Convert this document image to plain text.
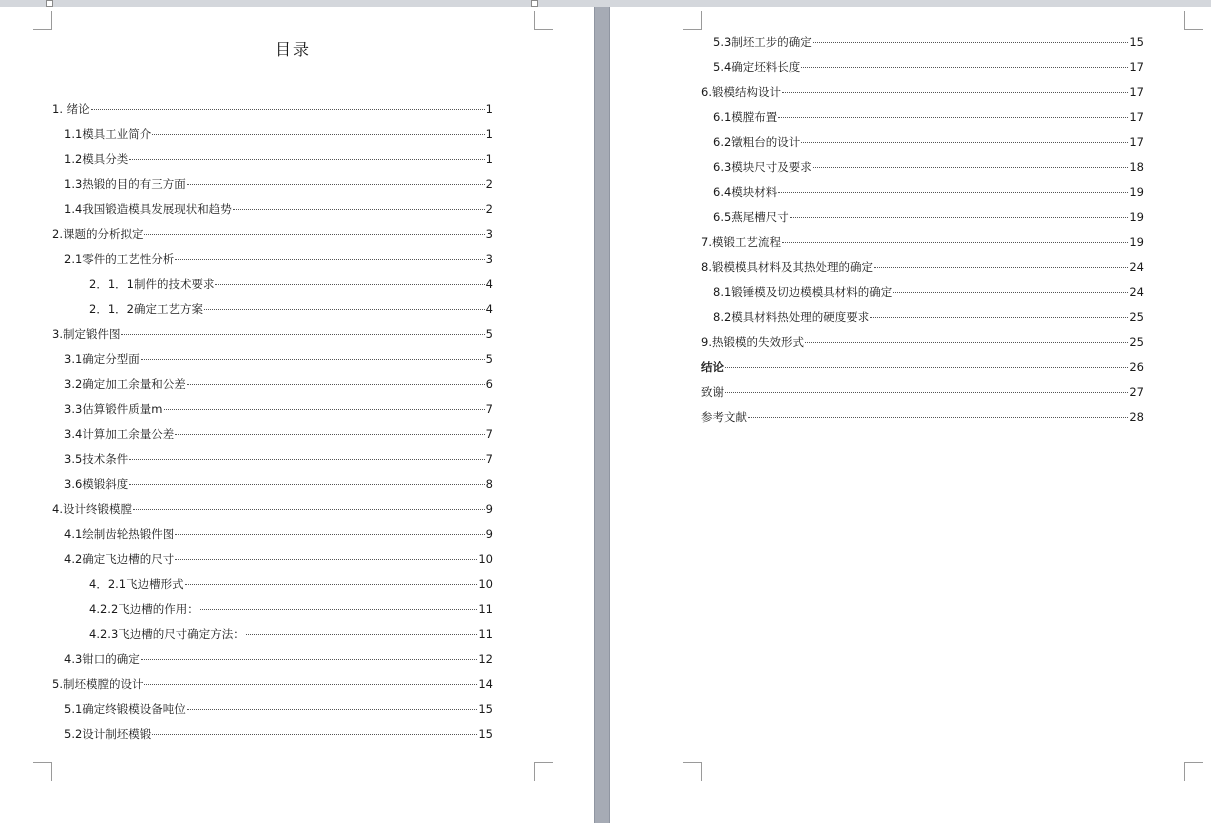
目录
1. 绪论	1
1.1模具工业简介	1
1.2模具分类	1
1.3热锻的目的有三方面	2
1.4我国锻造模具发展现状和趋势	2
2.课题的分析拟定	3
2.1零件的工艺性分析	3
2．1．1制件的技术要求	4
2．1．2确定工艺方案	4
3.制定锻件图	5
3.1确定分型面	5
3.2确定加工余量和公差	6
3.3估算锻件质量m	7
3.4计算加工余量公差	7
3.5技术条件	7
3.6模锻斜度	8
4.设计终锻模膛	9
4.1绘制齿轮热锻件图	9
4.2确定飞边槽的尺寸	10
4．2.1飞边槽形式	10
4.2.2飞边槽的作用：	11
4.2.3飞边槽的尺寸确定方法：	11
4.3钳口的确定	12
5.制坯模膛的设计	14
5.1确定终锻模设备吨位	15
5.2设计制坯模锻	15
5.3制坯工步的确定	15
5.4确定坯料长度	17
6.锻模结构设计	17
6.1模膛布置	17
6.2镦粗台的设计	17
6.3模块尺寸及要求	18
6.4模块材料	19
6.5燕尾槽尺寸	19
7.模锻工艺流程	19
8.锻模模具材料及其热处理的确定	24
8.1锻锤模及切边模模具材料的确定	24
8.2模具材料热处理的硬度要求	25
9.热锻模的失效形式	25
结论	26
致谢	27
参考文献	28
